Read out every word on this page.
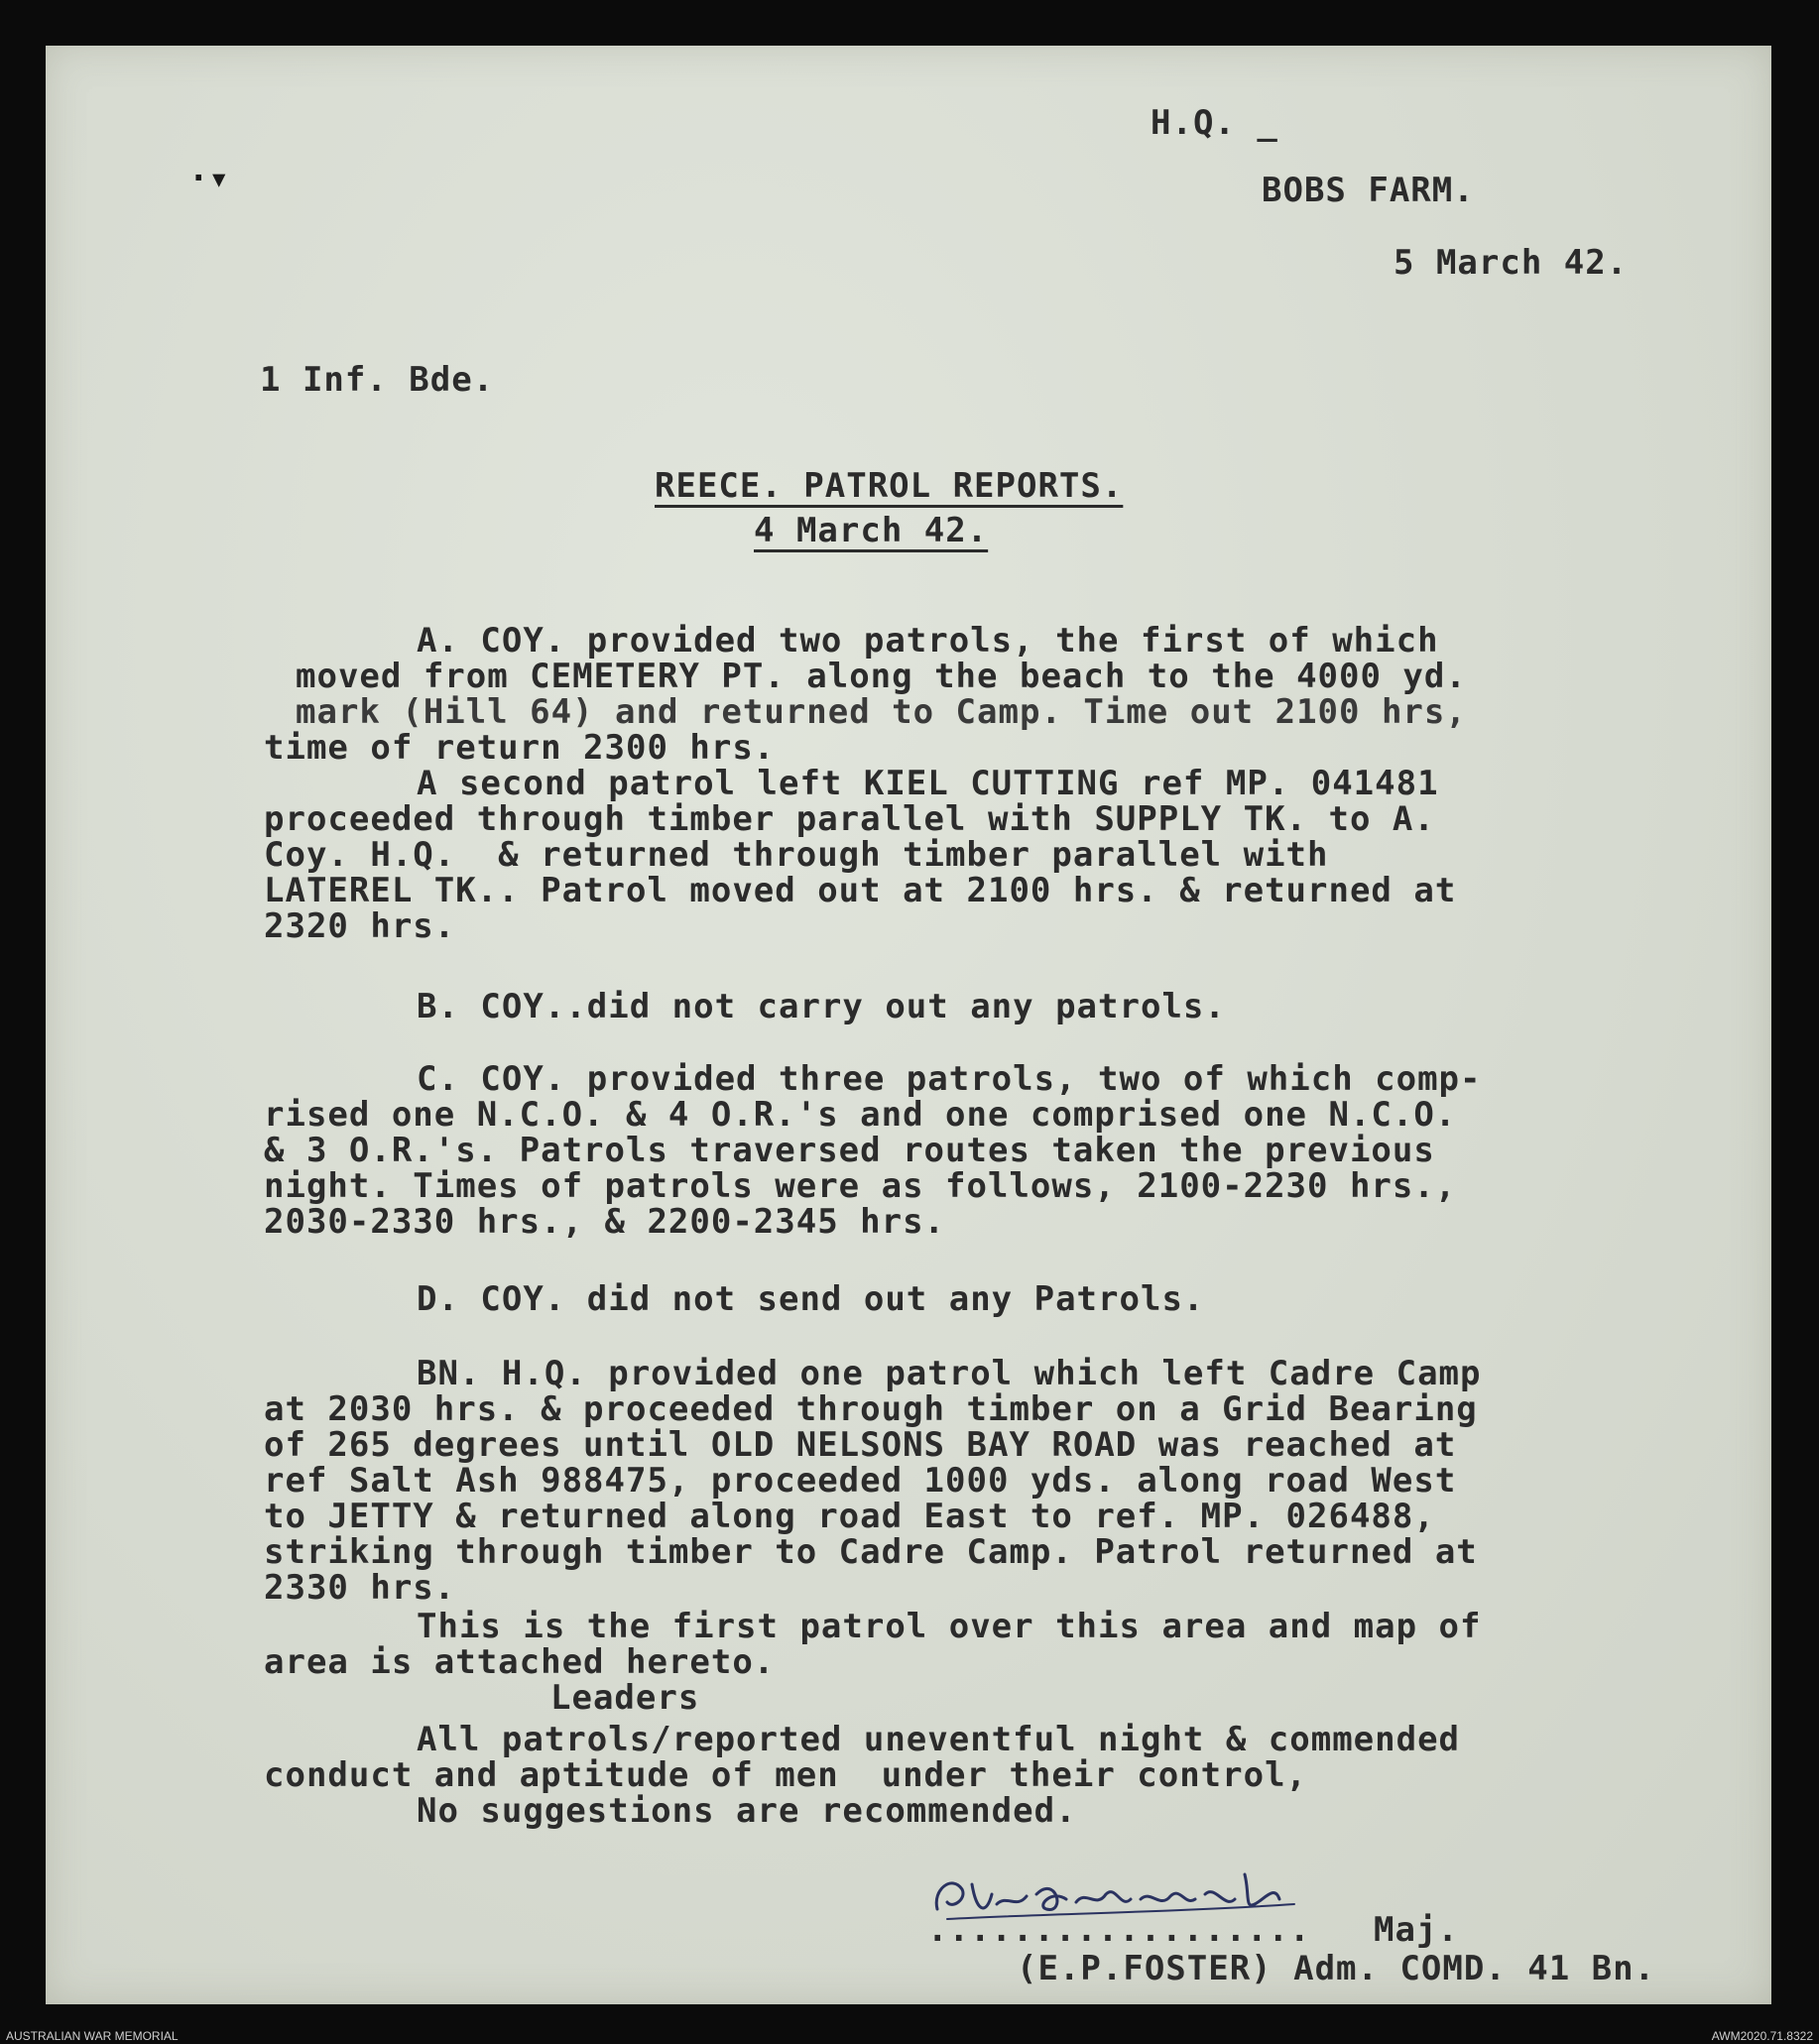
·▾
H.Q. _
BOBS FARM.
5 March 42.
1 Inf. Bde.
REECE. PATROL REPORTS.
4 March 42.
A. COY. provided two patrols, the first of which
moved from CEMETERY PT. along the beach to the 4000 yd.
mark (Hill 64) and returned to Camp. Time out 2100 hrs,
time of return 2300 hrs.
A second patrol left KIEL CUTTING ref MP. 041481
proceeded through timber parallel with SUPPLY TK. to A.
Coy. H.Q.  & returned through timber parallel with
LATEREL TK.. Patrol moved out at 2100 hrs. & returned at
2320 hrs.
B. COY..did not carry out any patrols.
C. COY. provided three patrols, two of which comp-
rised one N.C.O. & 4 O.R.'s and one comprised one N.C.O.
& 3 O.R.'s. Patrols traversed routes taken the previous
night. Times of patrols were as follows, 2100-2230 hrs.,
2030-2330 hrs., & 2200-2345 hrs.
D. COY. did not send out any Patrols.
BN. H.Q. provided one patrol which left Cadre Camp
at 2030 hrs. & proceeded through timber on a Grid Bearing
of 265 degrees until OLD NELSONS BAY ROAD was reached at
ref Salt Ash 988475, proceeded 1000 yds. along road West
to JETTY & returned along road East to ref. MP. 026488,
striking through timber to Cadre Camp. Patrol returned at
2330 hrs.
This is the first patrol over this area and map of
area is attached hereto.
Leaders
All patrols/reported uneventful night & commended
conduct and aptitude of men  under their control,
No suggestions are recommended.
.................. Maj.
(E.P.FOSTER) Adm. COMD. 41 Bn.
AUSTRALIAN WAR MEMORIAL	AWM2020.71.8322
